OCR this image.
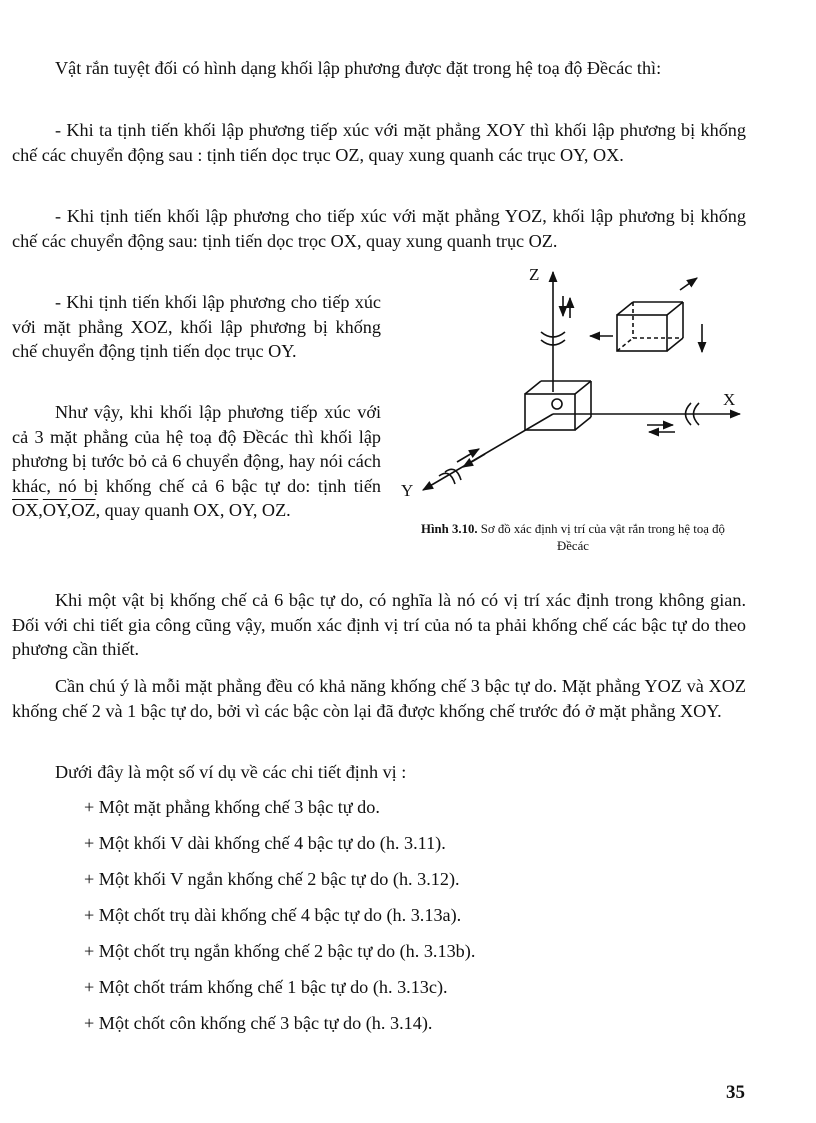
Vật rắn tuyệt đối có hình dạng khối lập phương được đặt trong hệ toạ độ Đềcác thì:

- Khi ta tịnh tiến khối lập phương tiếp xúc với mặt phẳng XOY thì khối lập phương bị khống chế các chuyển động sau : tịnh tiến dọc trục OZ, quay xung quanh các trục OY, OX.

- Khi tịnh tiến khối lập phương cho tiếp xúc với mặt phẳng YOZ, khối lập phương bị khống chế các chuyển động sau: tịnh tiến dọc trọc OX, quay xung quanh trục OZ.

- Khi tịnh tiến khối lập phương cho tiếp xúc với mặt phẳng XOZ, khối lập phương bị khống chế chuyển động tịnh tiến dọc trục OY.

Như vậy, khi khối lập phương tiếp xúc với cả 3 mặt phẳng của hệ toạ độ Đềcác thì khối lập phương bị tước bỏ cả 6 chuyển động, hay nói cách khác, nó bị khống chế cả 6 bậc tự do: tịnh tiến $\overline{OX},\overline{OY},\overline{OZ}$, quay quanh OX, OY, OZ.

Z
X
Y

Hình 3.10. Sơ đồ xác định vị trí của vật rắn trong hệ toạ độ Đềcác

Khi một vật bị khống chế cả 6 bậc tự do, có nghĩa là nó có vị trí xác định trong không gian. Đối với chi tiết gia công cũng vậy, muốn xác định vị trí của nó ta phải khống chế các bậc tự do theo phương cần thiết.

Cần chú ý là mỗi mặt phẳng đều có khả năng khống chế 3 bậc tự do. Mặt phẳng YOZ và XOZ khống chế 2 và 1 bậc tự do, bởi vì các bậc còn lại đã được khống chế trước đó ở mặt phẳng XOY.

Dưới đây là một số ví dụ về các chi tiết định vị :

+ Một mặt phẳng khống chế 3 bậc tự do.

+ Một khối V dài khống chế 4 bậc tự do (h. 3.11).

+ Một khối V ngắn khống chế 2 bậc tự do (h. 3.12).

+ Một chốt trụ dài khống chế 4 bậc tự do (h. 3.13a).

+ Một chốt trụ ngắn khống chế 2 bậc tự do (h. 3.13b).

+ Một chốt trám khống chế 1 bậc tự do (h. 3.13c).

+ Một chốt côn khống chế 3 bậc tự do (h. 3.14).

35
